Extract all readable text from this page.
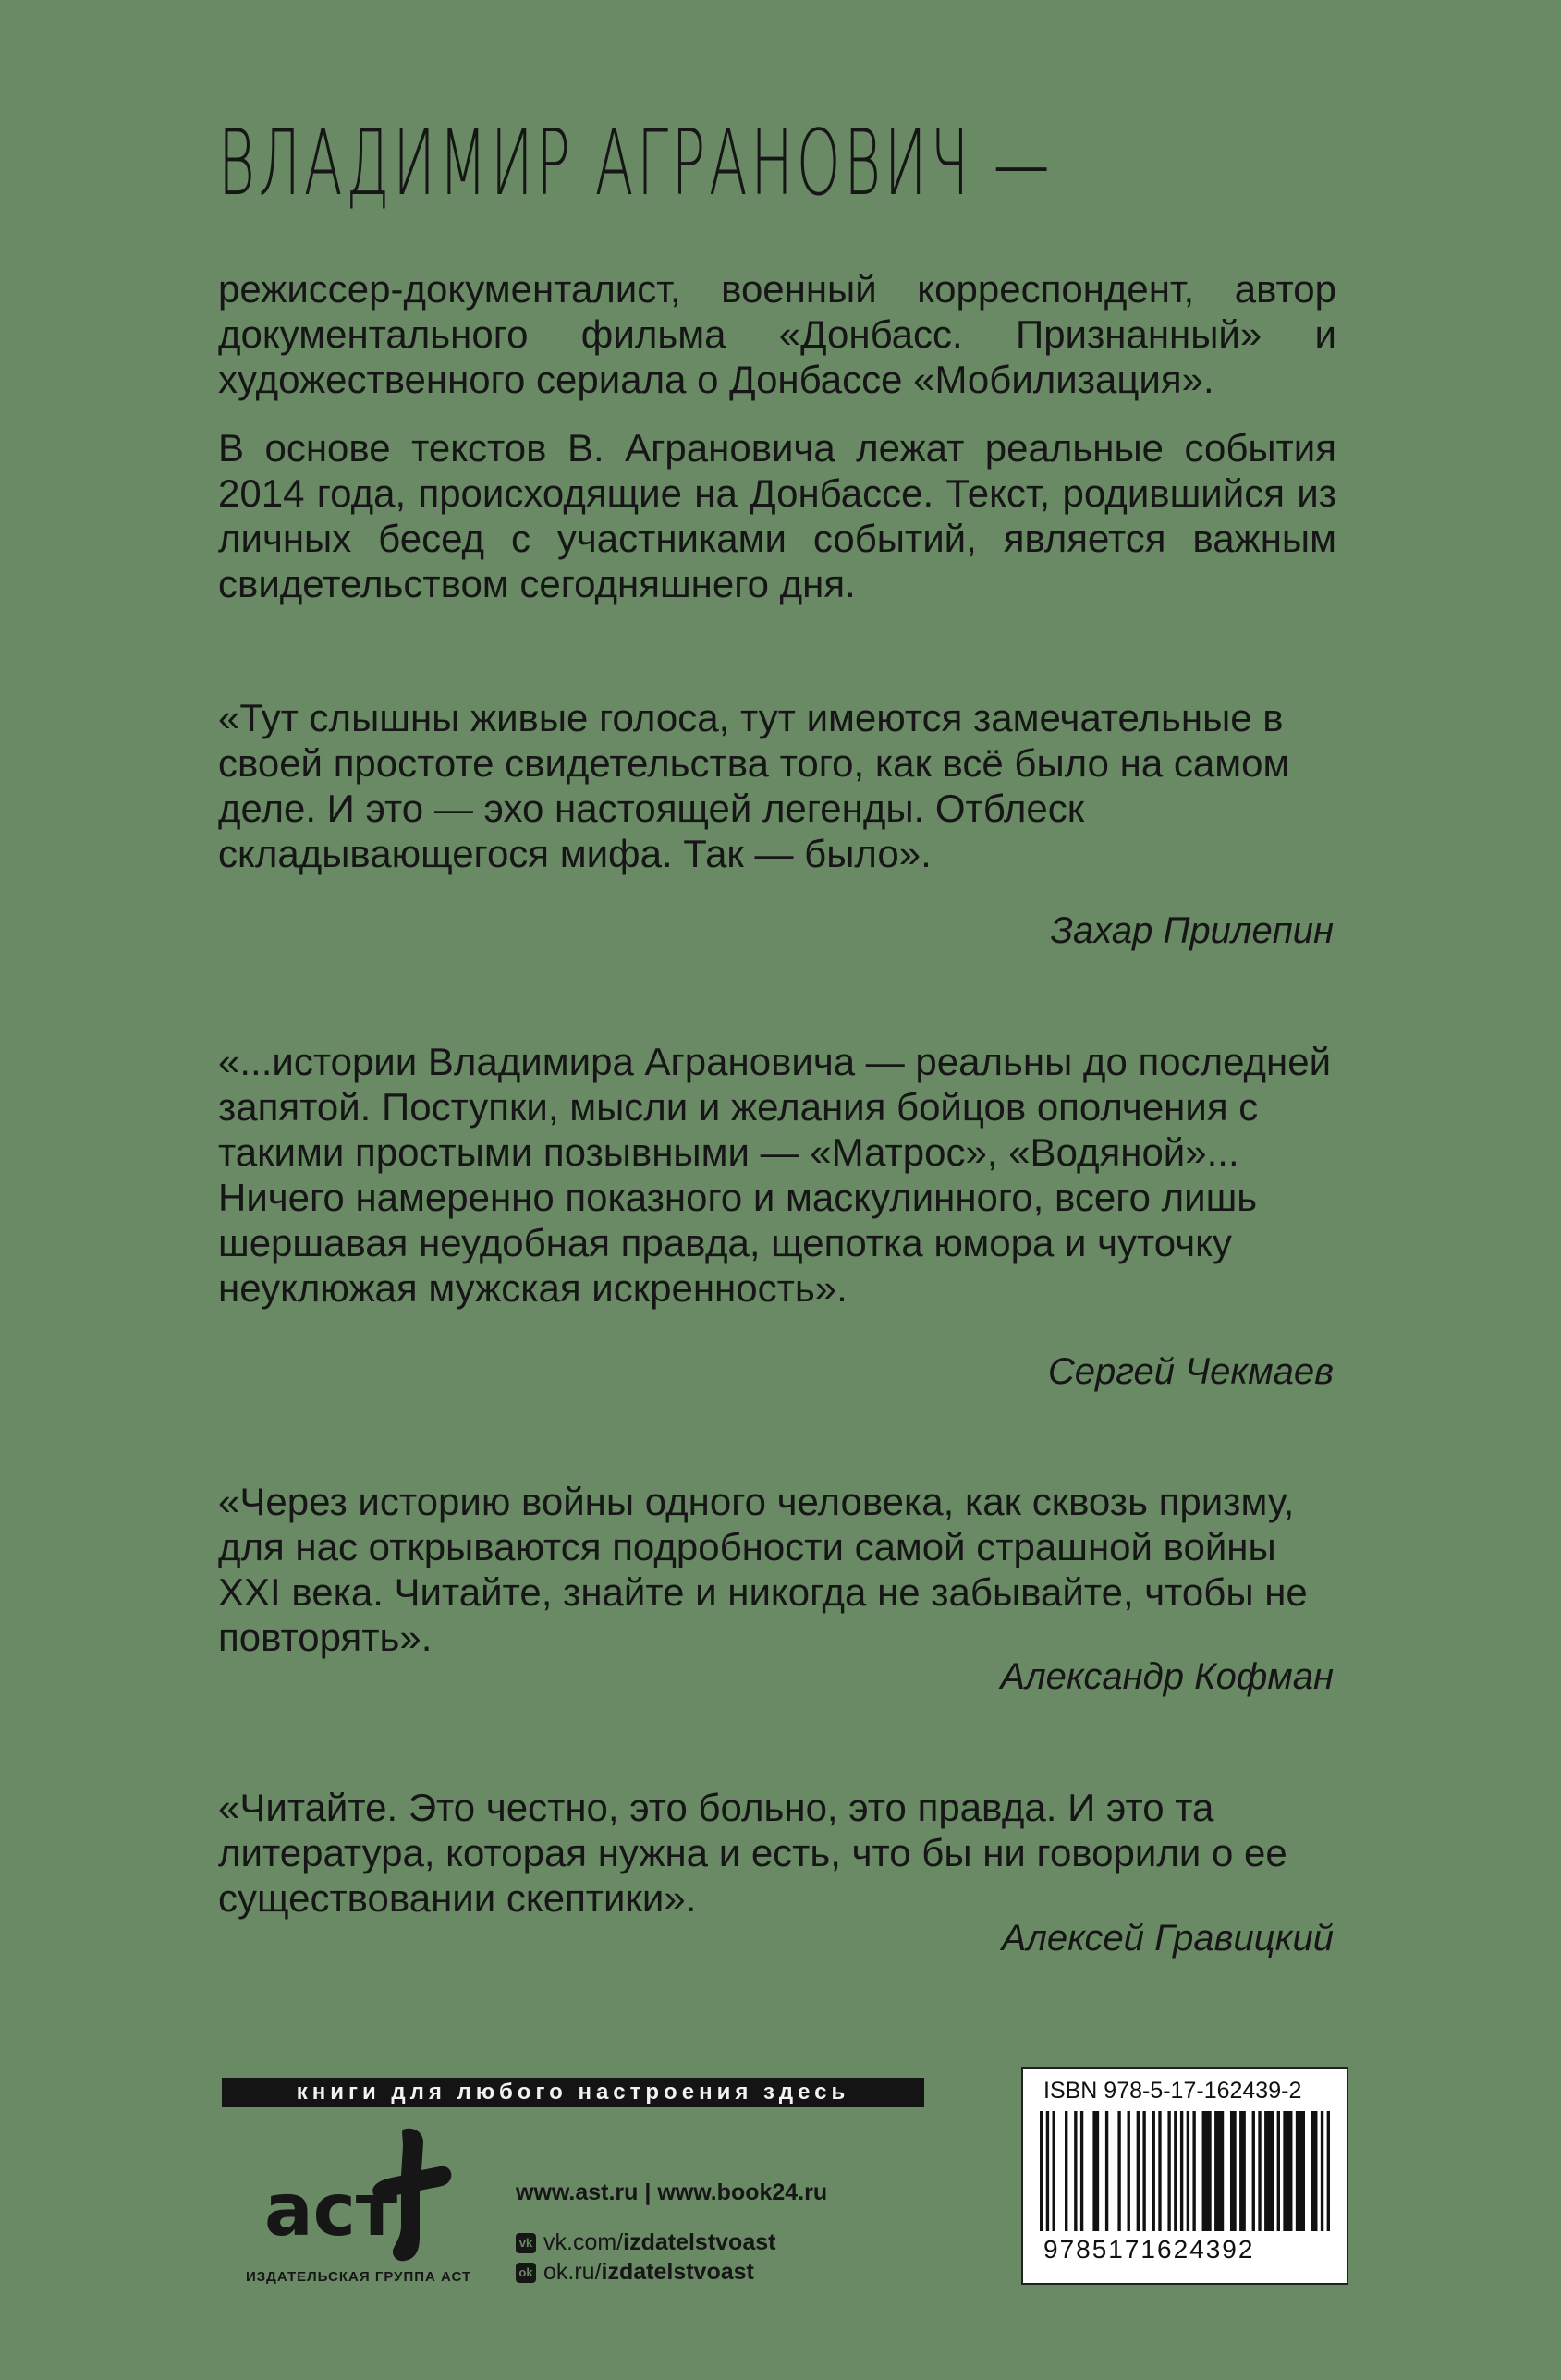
ВЛАДИМИР АГРАНОВИЧ —
режиссер-документалист, военный корреспондент, автор документального фильма «Донбасс. Признанный» и художественного сериала о Донбассе «Мобилизация».
В основе текстов В. Аграновича лежат реальные события 2014 года, происходящие на Донбассе. Текст, родившийся из личных бесед с участниками событий, является важным свидетельством сегодняшнего дня.
«Тут слышны живые голоса, тут имеются замечательные в своей простоте свидетельства того, как всё было на самом деле. И это — эхо настоящей легенды. Отблеск складывающегося мифа. Так — было».
Захар Прилепин
«...истории Владимира Аграновича — реальны до последней запятой. Поступки, мысли и желания бойцов ополчения с такими простыми позывными — «Матрос», «Водяной»... Ничего намеренно показного и маскулинного, всего лишь шершавая неудобная правда, щепотка юмора и чуточку неуклюжая мужская искренность».
Сергей Чекмаев
«Через историю войны одного человека, как сквозь призму, для нас открываются подробности самой страшной войны XXI века. Читайте, знайте и никогда не забывайте, чтобы не повторять».
Александр Кофман
«Читайте. Это честно, это больно, это правда. И это та литература, которая нужна и есть, что бы ни говорили о ее существовании скептики».
Алексей Гравицкий
книги для любого настроения здесь
аст
ИЗДАТЕЛЬСКАЯ ГРУППА АСТ
www.ast.ru | www.book24.ru
vk vk.com/ izdatelstvoast
ok ok.ru/ izdatelstvoast
ISBN 978-5-17-162439-2
9785171624392
